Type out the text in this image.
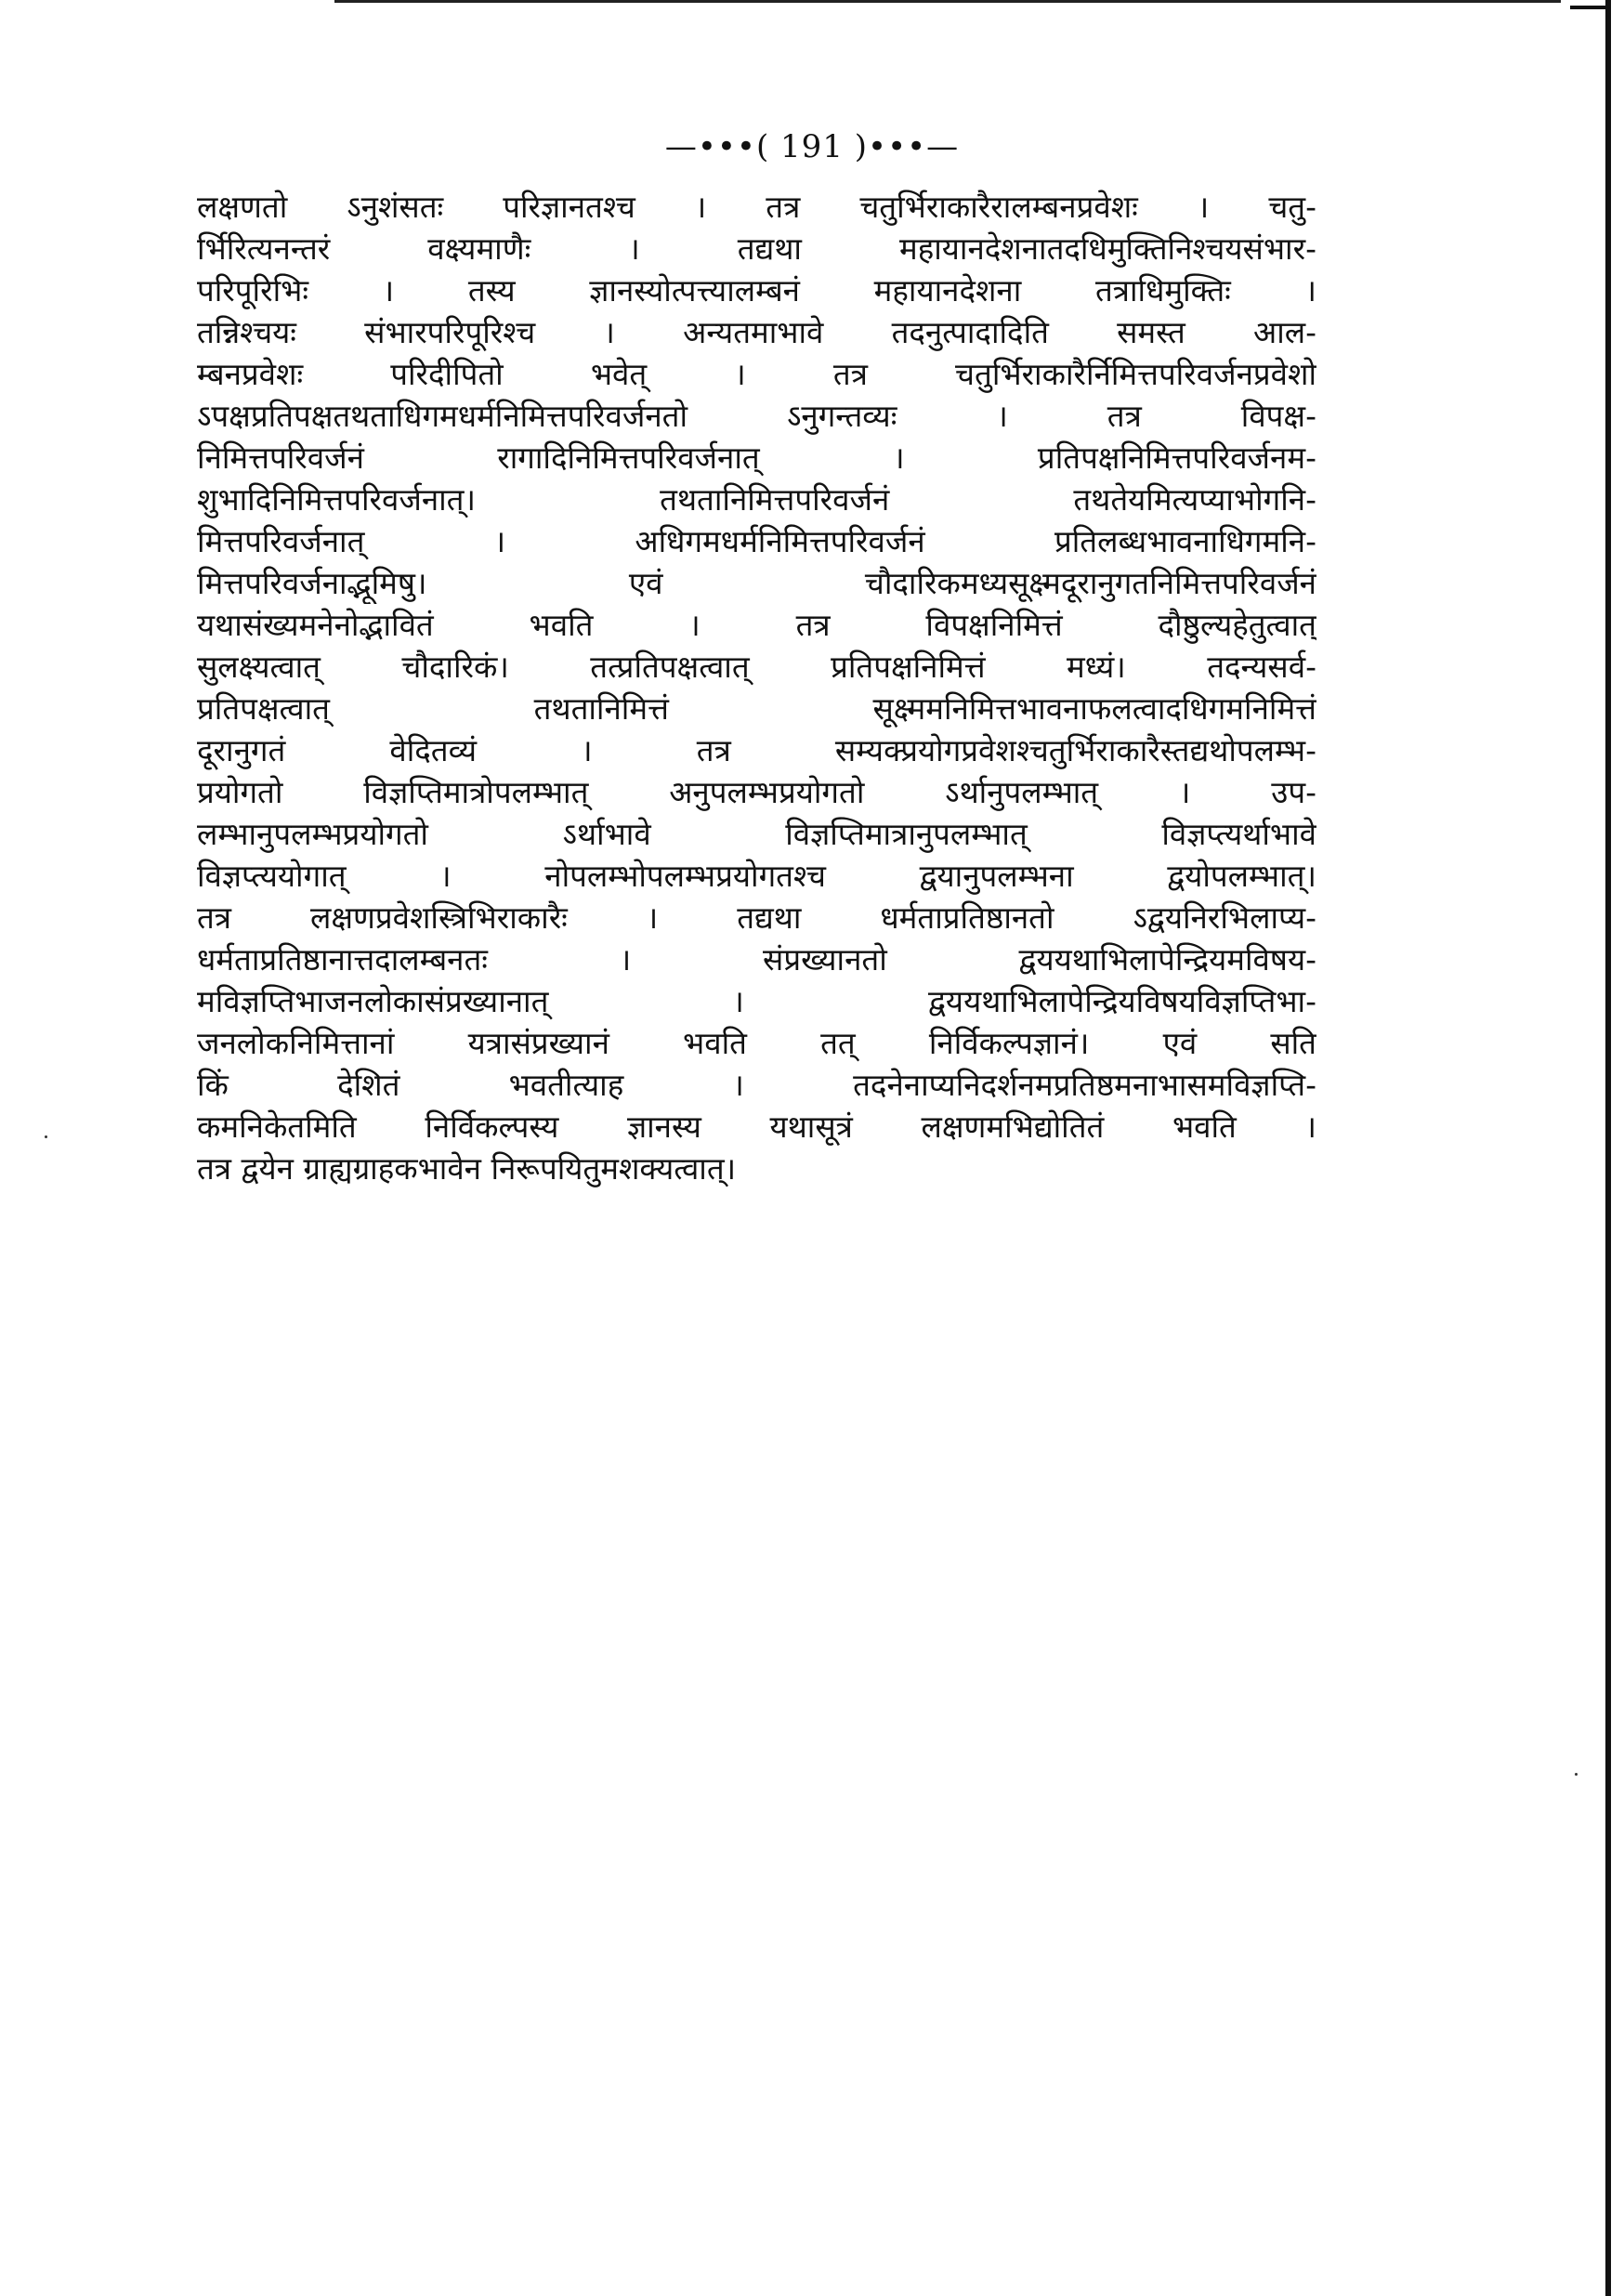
—•••( 191 )•••—
लक्षणतो ऽनुशंसतः परिज्ञानतश्च । तत्र चतुर्भिराकारैरालम्बनप्रवेशः । चतु-
र्भिरित्यनन्तरं वक्ष्यमाणैः । तद्यथा महायानदेशनातदधिमुक्तिनिश्चयसंभार-
परिपूरिभिः । तस्य ज्ञानस्योत्पत्त्यालम्बनं महायानदेशना तत्राधिमुक्तिः ।
तन्निश्चयः संभारपरिपूरिश्च । अन्यतमाभावे तदनुत्पादादिति समस्त आल-
म्बनप्रवेशः परिदीपितो भवेत् । तत्र चतुर्भिराकारैर्निमित्तपरिवर्जनप्रवेशो
ऽपक्षप्रतिपक्षतथताधिगमधर्मनिमित्तपरिवर्जनतो ऽनुगन्तव्यः । तत्र विपक्ष-
निमित्तपरिवर्जनं रागादिनिमित्तपरिवर्जनात् । प्रतिपक्षनिमित्तपरिवर्जनम-
शुभादिनिमित्तपरिवर्जनात्। तथतानिमित्तपरिवर्जनं तथतेयमित्यप्याभोगनि-
मित्तपरिवर्जनात् । अधिगमधर्मनिमित्तपरिवर्जनं प्रतिलब्धभावनाधिगमनि-
मित्तपरिवर्जनाद्भूमिषु। एवं चौदारिकमध्यसूक्ष्मदूरानुगतनिमित्तपरिवर्जनं
यथासंख्यमनेनोद्भावितं भवति । तत्र विपक्षनिमित्तं दौष्ठुल्यहेतुत्वात्
सुलक्ष्यत्वात् चौदारिकं। तत्प्रतिपक्षत्वात् प्रतिपक्षनिमित्तं मध्यं। तदन्यसर्व-
प्रतिपक्षत्वात् तथतानिमित्तं सूक्ष्ममनिमित्तभावनाफलत्वादधिगमनिमित्तं
दूरानुगतं वेदितव्यं । तत्र सम्यक्प्रयोगप्रवेशश्चतुर्भिराकारैस्तद्यथोपलम्भ-
प्रयोगतो विज्ञप्तिमात्रोपलम्भात् अनुपलम्भप्रयोगतो ऽर्थानुपलम्भात् । उप-
लम्भानुपलम्भप्रयोगतो ऽर्थाभावे विज्ञप्तिमात्रानुपलम्भात् विज्ञप्त्यर्थाभावे
विज्ञप्त्ययोगात् । नोपलम्भोपलम्भप्रयोगतश्च द्वयानुपलम्भना द्वयोपलम्भात्।
तत्र लक्षणप्रवेशस्त्रिभिराकारैः । तद्यथा धर्मताप्रतिष्ठानतो ऽद्वयनिरभिलाप्य-
धर्मताप्रतिष्ठानात्तदालम्बनतः । संप्रख्यानतो द्वययथाभिलापेन्द्रियमविषय-
मविज्ञप्तिभाजनलोकासंप्रख्यानात् । द्वययथाभिलापेन्द्रियविषयविज्ञप्तिभा-
जनलोकनिमित्तानां यत्रासंप्रख्यानं भवति तत् निर्विकल्पज्ञानं। एवं सति
किं देशितं भवतीत्याह । तदनेनाप्यनिदर्शनमप्रतिष्ठमनाभासमविज्ञप्ति-
कमनिकेतमिति निर्विकल्पस्य ज्ञानस्य यथासूत्रं लक्षणमभिद्योतितं भवति ।
तत्र द्वयेन ग्राह्यग्राहकभावेन निरूपयितुमशक्यत्वात्।
